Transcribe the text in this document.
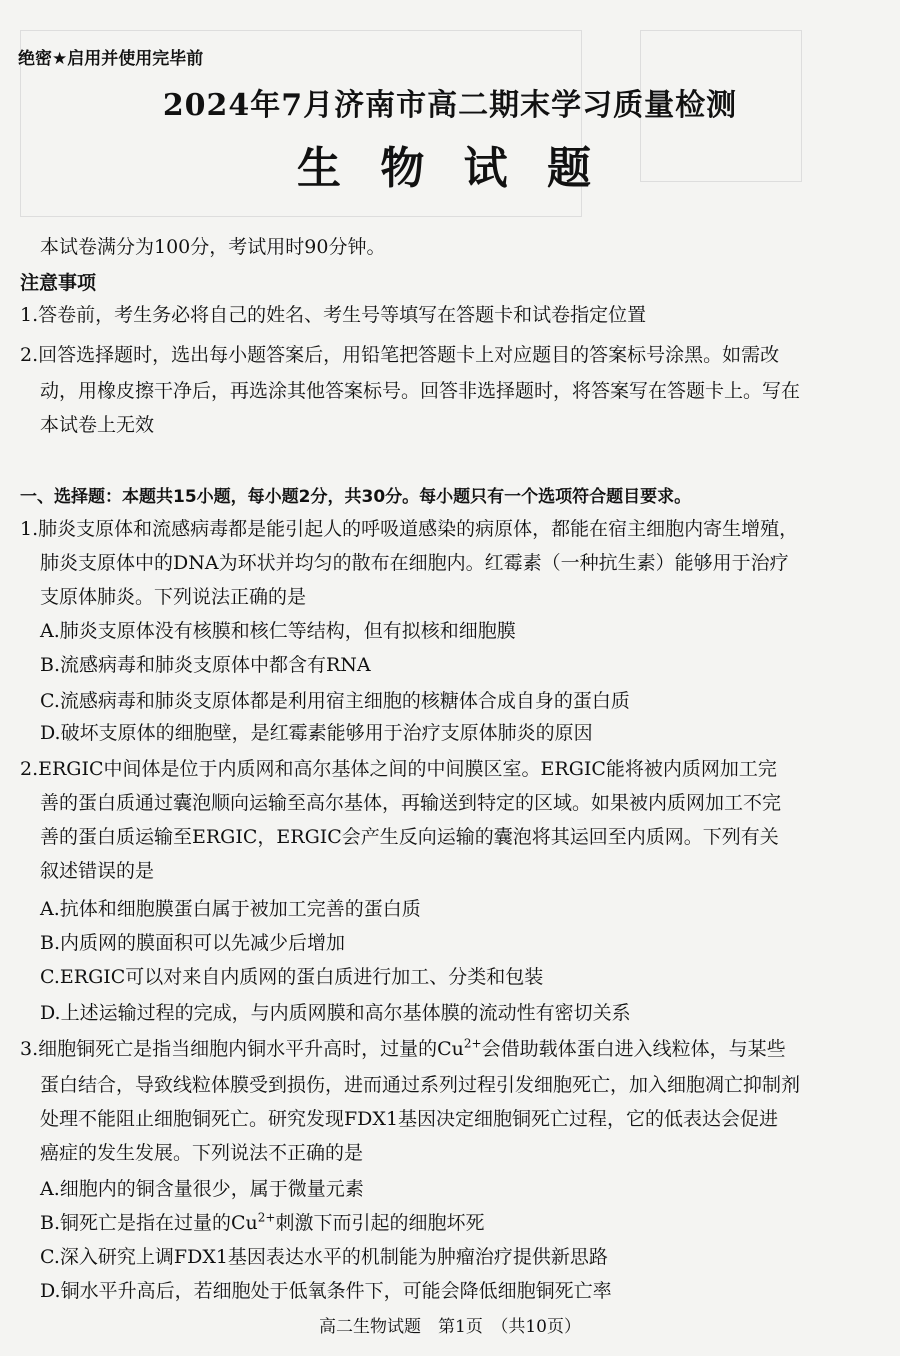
绝密★启用并使用完毕前
2024年7月济南市高二期末学习质量检测
生 物 试 题
本试卷满分为100分，考试用时90分钟。
注意事项
1.答卷前，考生务必将自己的姓名、考生号等填写在答题卡和试卷指定位置
2.回答选择题时，选出每小题答案后，用铅笔把答题卡上对应题目的答案标号涂黑。如需改
动，用橡皮擦干净后，再选涂其他答案标号。回答非选择题时，将答案写在答题卡上。写在
本试卷上无效
一、选择题：本题共15小题，每小题2分，共30分。每小题只有一个选项符合题目要求。
1.肺炎支原体和流感病毒都是能引起人的呼吸道感染的病原体，都能在宿主细胞内寄生增殖，
肺炎支原体中的DNA为环状并均匀的散布在细胞内。红霉素（一种抗生素）能够用于治疗
支原体肺炎。下列说法正确的是
A.肺炎支原体没有核膜和核仁等结构，但有拟核和细胞膜
B.流感病毒和肺炎支原体中都含有RNA
C.流感病毒和肺炎支原体都是利用宿主细胞的核糖体合成自身的蛋白质
D.破坏支原体的细胞壁，是红霉素能够用于治疗支原体肺炎的原因
2.ERGIC中间体是位于内质网和高尔基体之间的中间膜区室。ERGIC能将被内质网加工完
善的蛋白质通过囊泡顺向运输至高尔基体，再输送到特定的区域。如果被内质网加工不完
善的蛋白质运输至ERGIC，ERGIC会产生反向运输的囊泡将其运回至内质网。下列有关
叙述错误的是
A.抗体和细胞膜蛋白属于被加工完善的蛋白质
B.内质网的膜面积可以先减少后增加
C.ERGIC可以对来自内质网的蛋白质进行加工、分类和包装
D.上述运输过程的完成，与内质网膜和高尔基体膜的流动性有密切关系
3.细胞铜死亡是指当细胞内铜水平升高时，过量的$Cu^{2+}$会借助载体蛋白进入线粒体，与某些
蛋白结合，导致线粒体膜受到损伤，进而通过系列过程引发细胞死亡，加入细胞凋亡抑制剂
处理不能阻止细胞铜死亡。研究发现FDX1基因决定细胞铜死亡过程，它的低表达会促进
癌症的发生发展。下列说法不正确的是
A.细胞内的铜含量很少，属于微量元素
B.铜死亡是指在过量的$Cu^{2+}$刺激下而引起的细胞坏死
C.深入研究上调FDX1基因表达水平的机制能为肿瘤治疗提供新思路
D.铜水平升高后，若细胞处于低氧条件下，可能会降低细胞铜死亡率
高二生物试题　第1页　（共10页）
